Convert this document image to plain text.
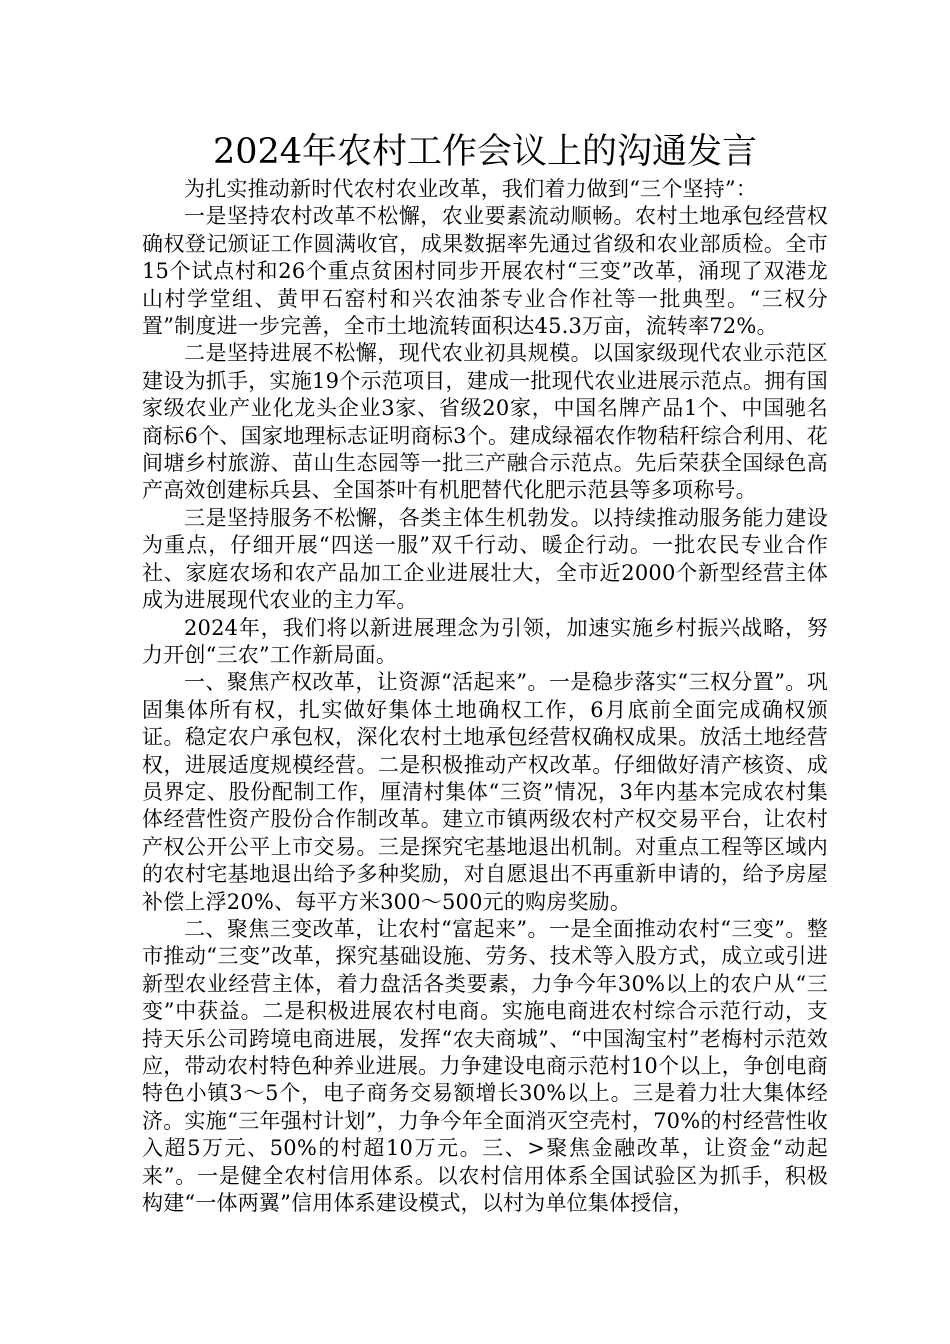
2024年农村工作会议上的沟通发言

为扎实推动新时代农村农业改革，我们着力做到“三个坚持”：

一是坚持农村改革不松懈，农业要素流动顺畅。农村土地承包经营权确权登记颁证工作圆满收官，成果数据率先通过省级和农业部质检。全市15个试点村和26个重点贫困村同步开展农村“三变”改革，涌现了双港龙山村学堂组、黄甲石窑村和兴农油茶专业合作社等一批典型。“三权分置”制度进一步完善，全市土地流转面积达45.3万亩，流转率72%。

二是坚持进展不松懈，现代农业初具规模。以国家级现代农业示范区建设为抓手，实施19个示范项目，建成一批现代农业进展示范点。拥有国家级农业产业化龙头企业3家、省级20家，中国名牌产品1个、中国驰名商标6个、国家地理标志证明商标3个。建成绿福农作物秸秆综合利用、花间塘乡村旅游、苗山生态园等一批三产融合示范点。先后荣获全国绿色高产高效创建标兵县、全国茶叶有机肥替代化肥示范县等多项称号。

三是坚持服务不松懈，各类主体生机勃发。以持续推动服务能力建设为重点，仔细开展“四送一服”双千行动、暖企行动。一批农民专业合作社、家庭农场和农产品加工企业进展壮大，全市近2000个新型经营主体成为进展现代农业的主力军。

2024年，我们将以新进展理念为引领，加速实施乡村振兴战略，努力开创“三农”工作新局面。

一、聚焦产权改革，让资源“活起来”。一是稳步落实“三权分置”。巩固集体所有权，扎实做好集体土地确权工作，6月底前全面完成确权颁证。稳定农户承包权，深化农村土地承包经营权确权成果。放活土地经营权，进展适度规模经营。二是积极推动产权改革。仔细做好清产核资、成员界定、股份配制工作，厘清村集体“三资”情况，3年内基本完成农村集体经营性资产股份合作制改革。建立市镇两级农村产权交易平台，让农村产权公开公平上市交易。三是探究宅基地退出机制。对重点工程等区域内的农村宅基地退出给予多种奖励，对自愿退出不再重新申请的，给予房屋补偿上浮20%、每平方米300～500元的购房奖励。

二、聚焦三变改革，让农村“富起来”。一是全面推动农村“三变”。整市推动“三变”改革，探究基础设施、劳务、技术等入股方式，成立或引进新型农业经营主体，着力盘活各类要素，力争今年30%以上的农户从“三变”中获益。二是积极进展农村电商。实施电商进农村综合示范行动，支持天乐公司跨境电商进展，发挥“农夫商城”、“中国淘宝村”老梅村示范效应，带动农村特色种养业进展。力争建设电商示范村10个以上，争创电商特色小镇3～5个，电子商务交易额增长30%以上。三是着力壮大集体经济。实施“三年强村计划”，力争今年全面消灭空壳村，70%的村经营性收入超5万元、50%的村超10万元。三、>聚焦金融改革，让资金“动起来”。一是健全农村信用体系。以农村信用体系全国试验区为抓手，积极构建“一体两翼”信用体系建设模式，以村为单位集体授信，
